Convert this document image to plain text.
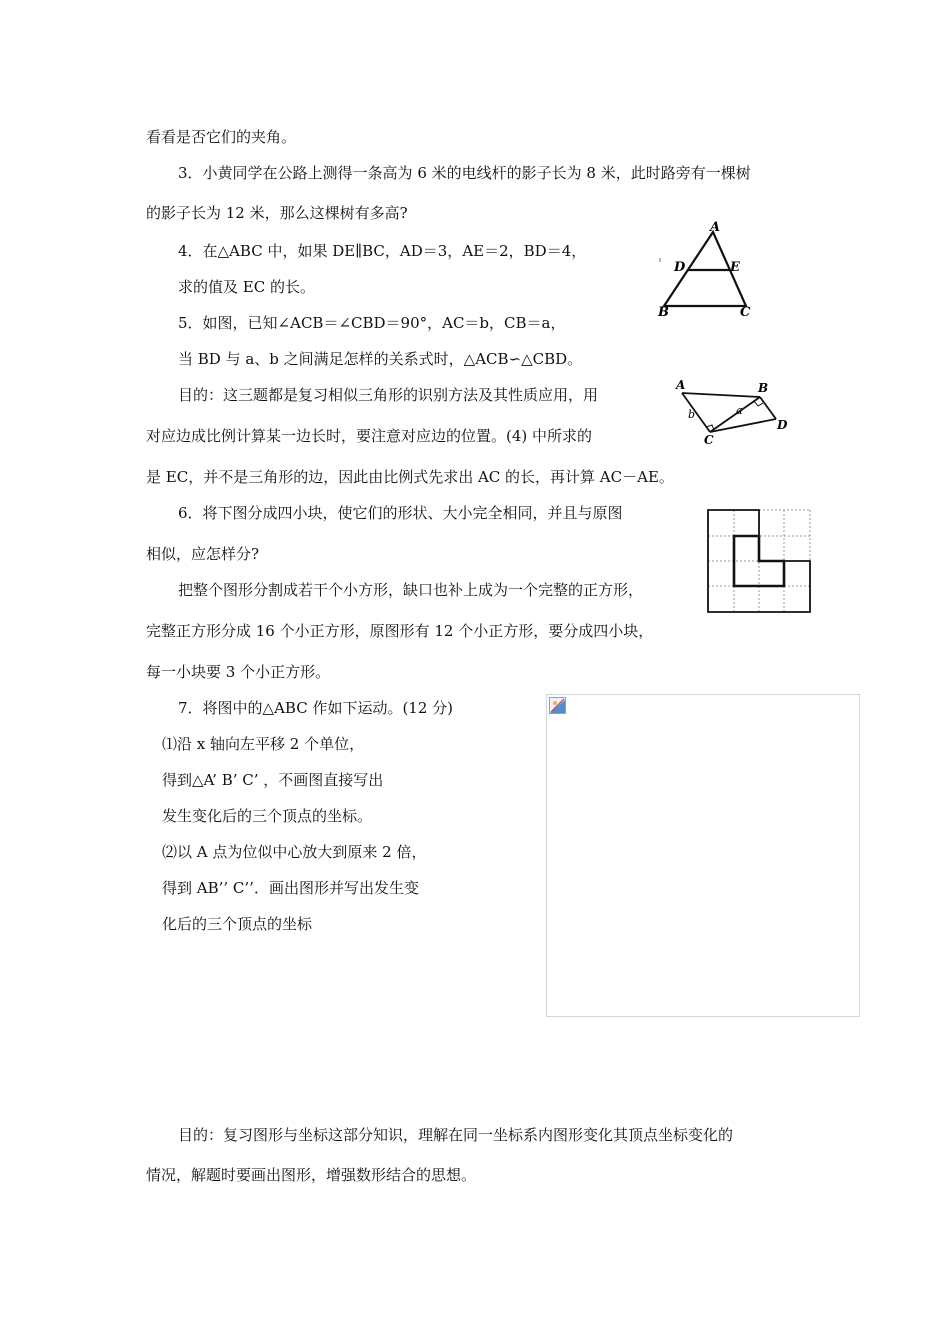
看看是否它们的夹角。
3．小黄同学在公路上测得一条高为 6 米的电线杆的影子长为 8 米，此时路旁有一棵树
的影子长为 12 米，那么这棵树有多高?
4．在△ABC 中，如果 DE∥BC，AD＝3，AE＝2，BD＝4，
求的值及 EC 的长。
5．如图，已知∠ACB＝∠CBD＝90°，AC＝b，CB＝a，
当 BD 与 a、b 之间满足怎样的关系式时，△ACB∽△CBD。
目的：这三题都是复习相似三角形的识别方法及其性质应用，用
对应边成比例计算某一边长时，要注意对应边的位置。(4) 中所求的
是 EC，并不是三角形的边，因此由比例式先求出 AC 的长，再计算 AC－AE。
6．将下图分成四小块，使它们的形状、大小完全相同，并且与原图
相似，应怎样分?
把整个图形分割成若干个小方形，缺口也补上成为一个完整的正方形，
完整正方形分成 16 个小正方形，原图形有 12 个小正方形，要分成四小块，
每一小块要 3 个小正方形。
7．将图中的△ABC 作如下运动。(12 分)
⑴沿 x 轴向左平移 2 个单位，
得到△A’ B’ C’ ，不画图直接写出
发生变化后的三个顶点的坐标。
⑵以 A 点为位似中心放大到原来 2 倍，
得到 AB’’ C’’．画出图形并写出发生变
化后的三个顶点的坐标
目的：复习图形与坐标这部分知识，理解在同一坐标系内图形变化其顶点坐标变化的
情况，解题时要画出图形，增强数形结合的思想。
A
D	E
B	C
A	B
C
D
b	a
